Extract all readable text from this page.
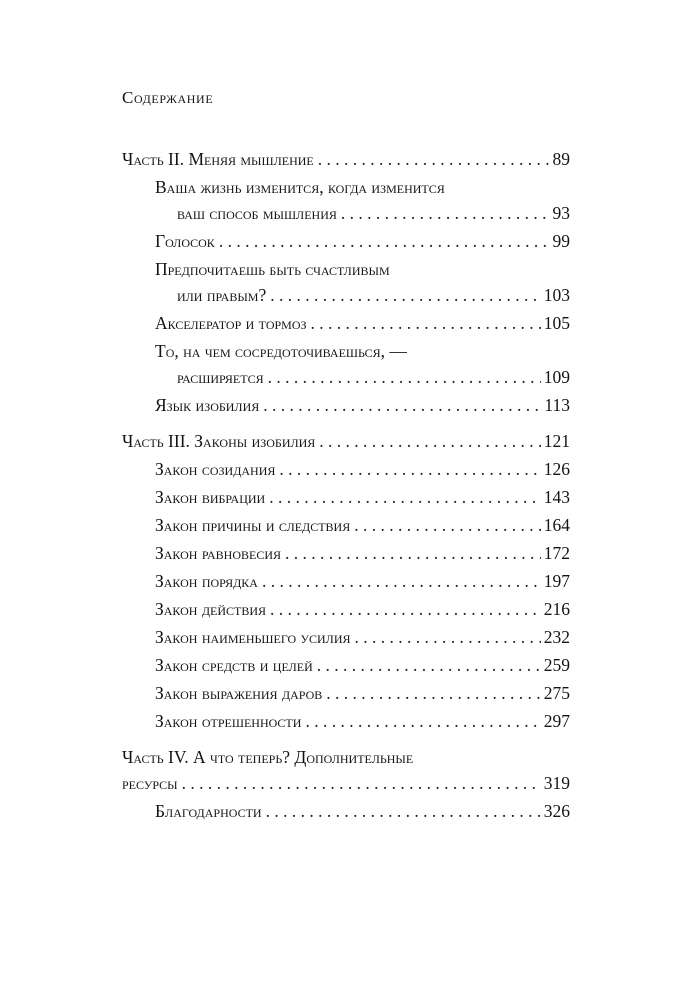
Содержание
Часть II. Меняя мышление . . .	89
Ваша жизнь изменится, когда изменится
ваш способ мышления . . .	93
Голосок . . .	99
Предпочитаешь быть счастливым
или правым? . . .	103
Акселератор и тормоз . . .	105
То, на чем сосредоточиваешься, —
расширяется . . .	109
Язык изобилия . . .	113
Часть III. Законы изобилия . . .	121
Закон созидания . . .	126
Закон вибрации . . .	143
Закон причины и следствия . . .	164
Закон равновесия . . .	172
Закон порядка . . .	197
Закон действия . . .	216
Закон наименьшего усилия . . .	232
Закон средств и целей . . .	259
Закон выражения даров . . .	275
Закон отрешенности . . .	297
Часть IV. А что теперь? Дополнительные
ресурсы . . .	319
Благодарности . . .	326
